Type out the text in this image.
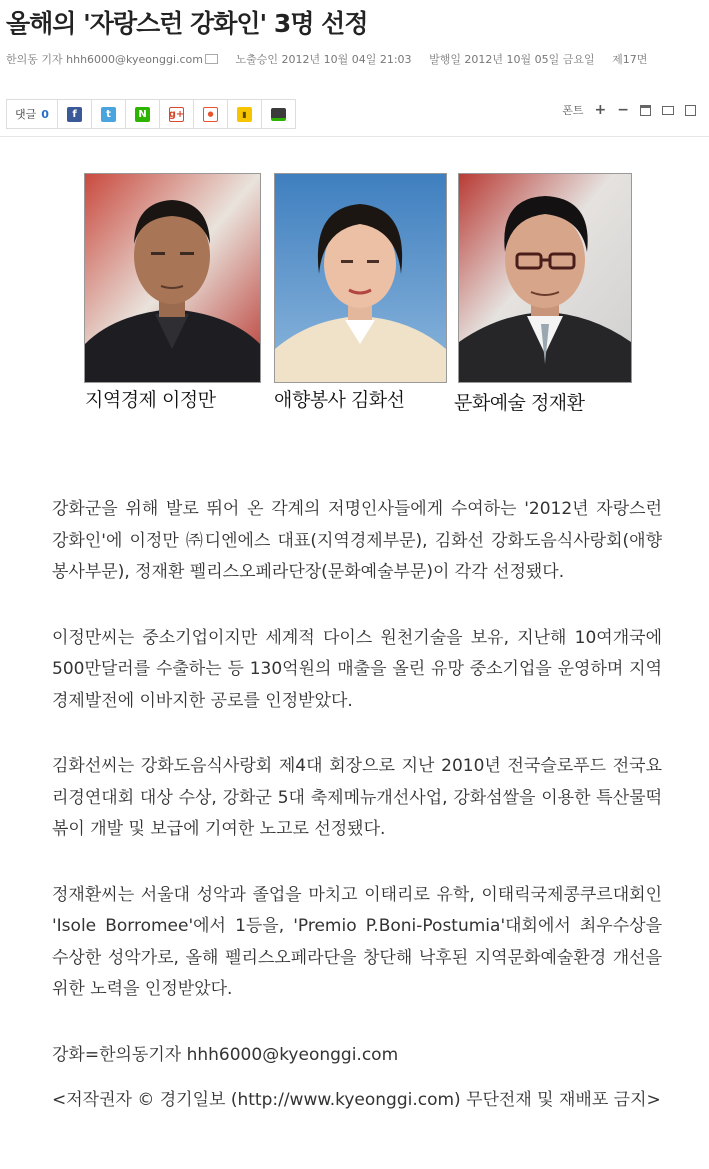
올해의 '자랑스런 강화인' 3명 선정
한의동 기자 hhh6000@kyeonggi.com	노출승인 2012년 10월 04일 21:03 발행일 2012년 10월 05일 금요일 제17면
댓글 0	f	t	N	g+	●	▮	폰트 + −
지역경제 이정만	애향봉사 김화선	문화예술 정재환

강화군을 위해 발로 뛰어 온 각계의 저명인사들에게 수여하는 '2012년 자랑스런 강화인'에 이정만 ㈜디엔에스 대표(지역경제부문), 김화선 강화도음식사랑회(애향봉사부문), 정재환 펠리스오페라단장(문화예술부문)이 각각 선정됐다.

이정만씨는 중소기업이지만 세계적 다이스 원천기술을 보유, 지난해 10여개국에 500만달러를 수출하는 등 130억원의 매출을 올린 유망 중소기업을 운영하며 지역경제발전에 이바지한 공로를 인정받았다.

김화선씨는 강화도음식사랑회 제4대 회장으로 지난 2010년 전국슬로푸드 전국요리경연대회 대상 수상, 강화군 5대 축제메뉴개선사업, 강화섬쌀을 이용한 특산물떡볶이 개발 및 보급에 기여한 노고로 선정됐다.

정재환씨는 서울대 성악과 졸업을 마치고 이태리로 유학, 이태릭국제콩쿠르대회인 'Isole Borromee'에서 1등을, 'Premio P.Boni-Postumia'대회에서 최우수상을 수상한 성악가로, 올해 펠리스오페라단을 창단해 낙후된 지역문화예술환경 개선을 위한 노력을 인정받았다.

강화=한의동기자 hhh6000@kyeonggi.com

<저작권자 © 경기일보 (http://www.kyeonggi.com) 무단전재 및 재배포 금지>
